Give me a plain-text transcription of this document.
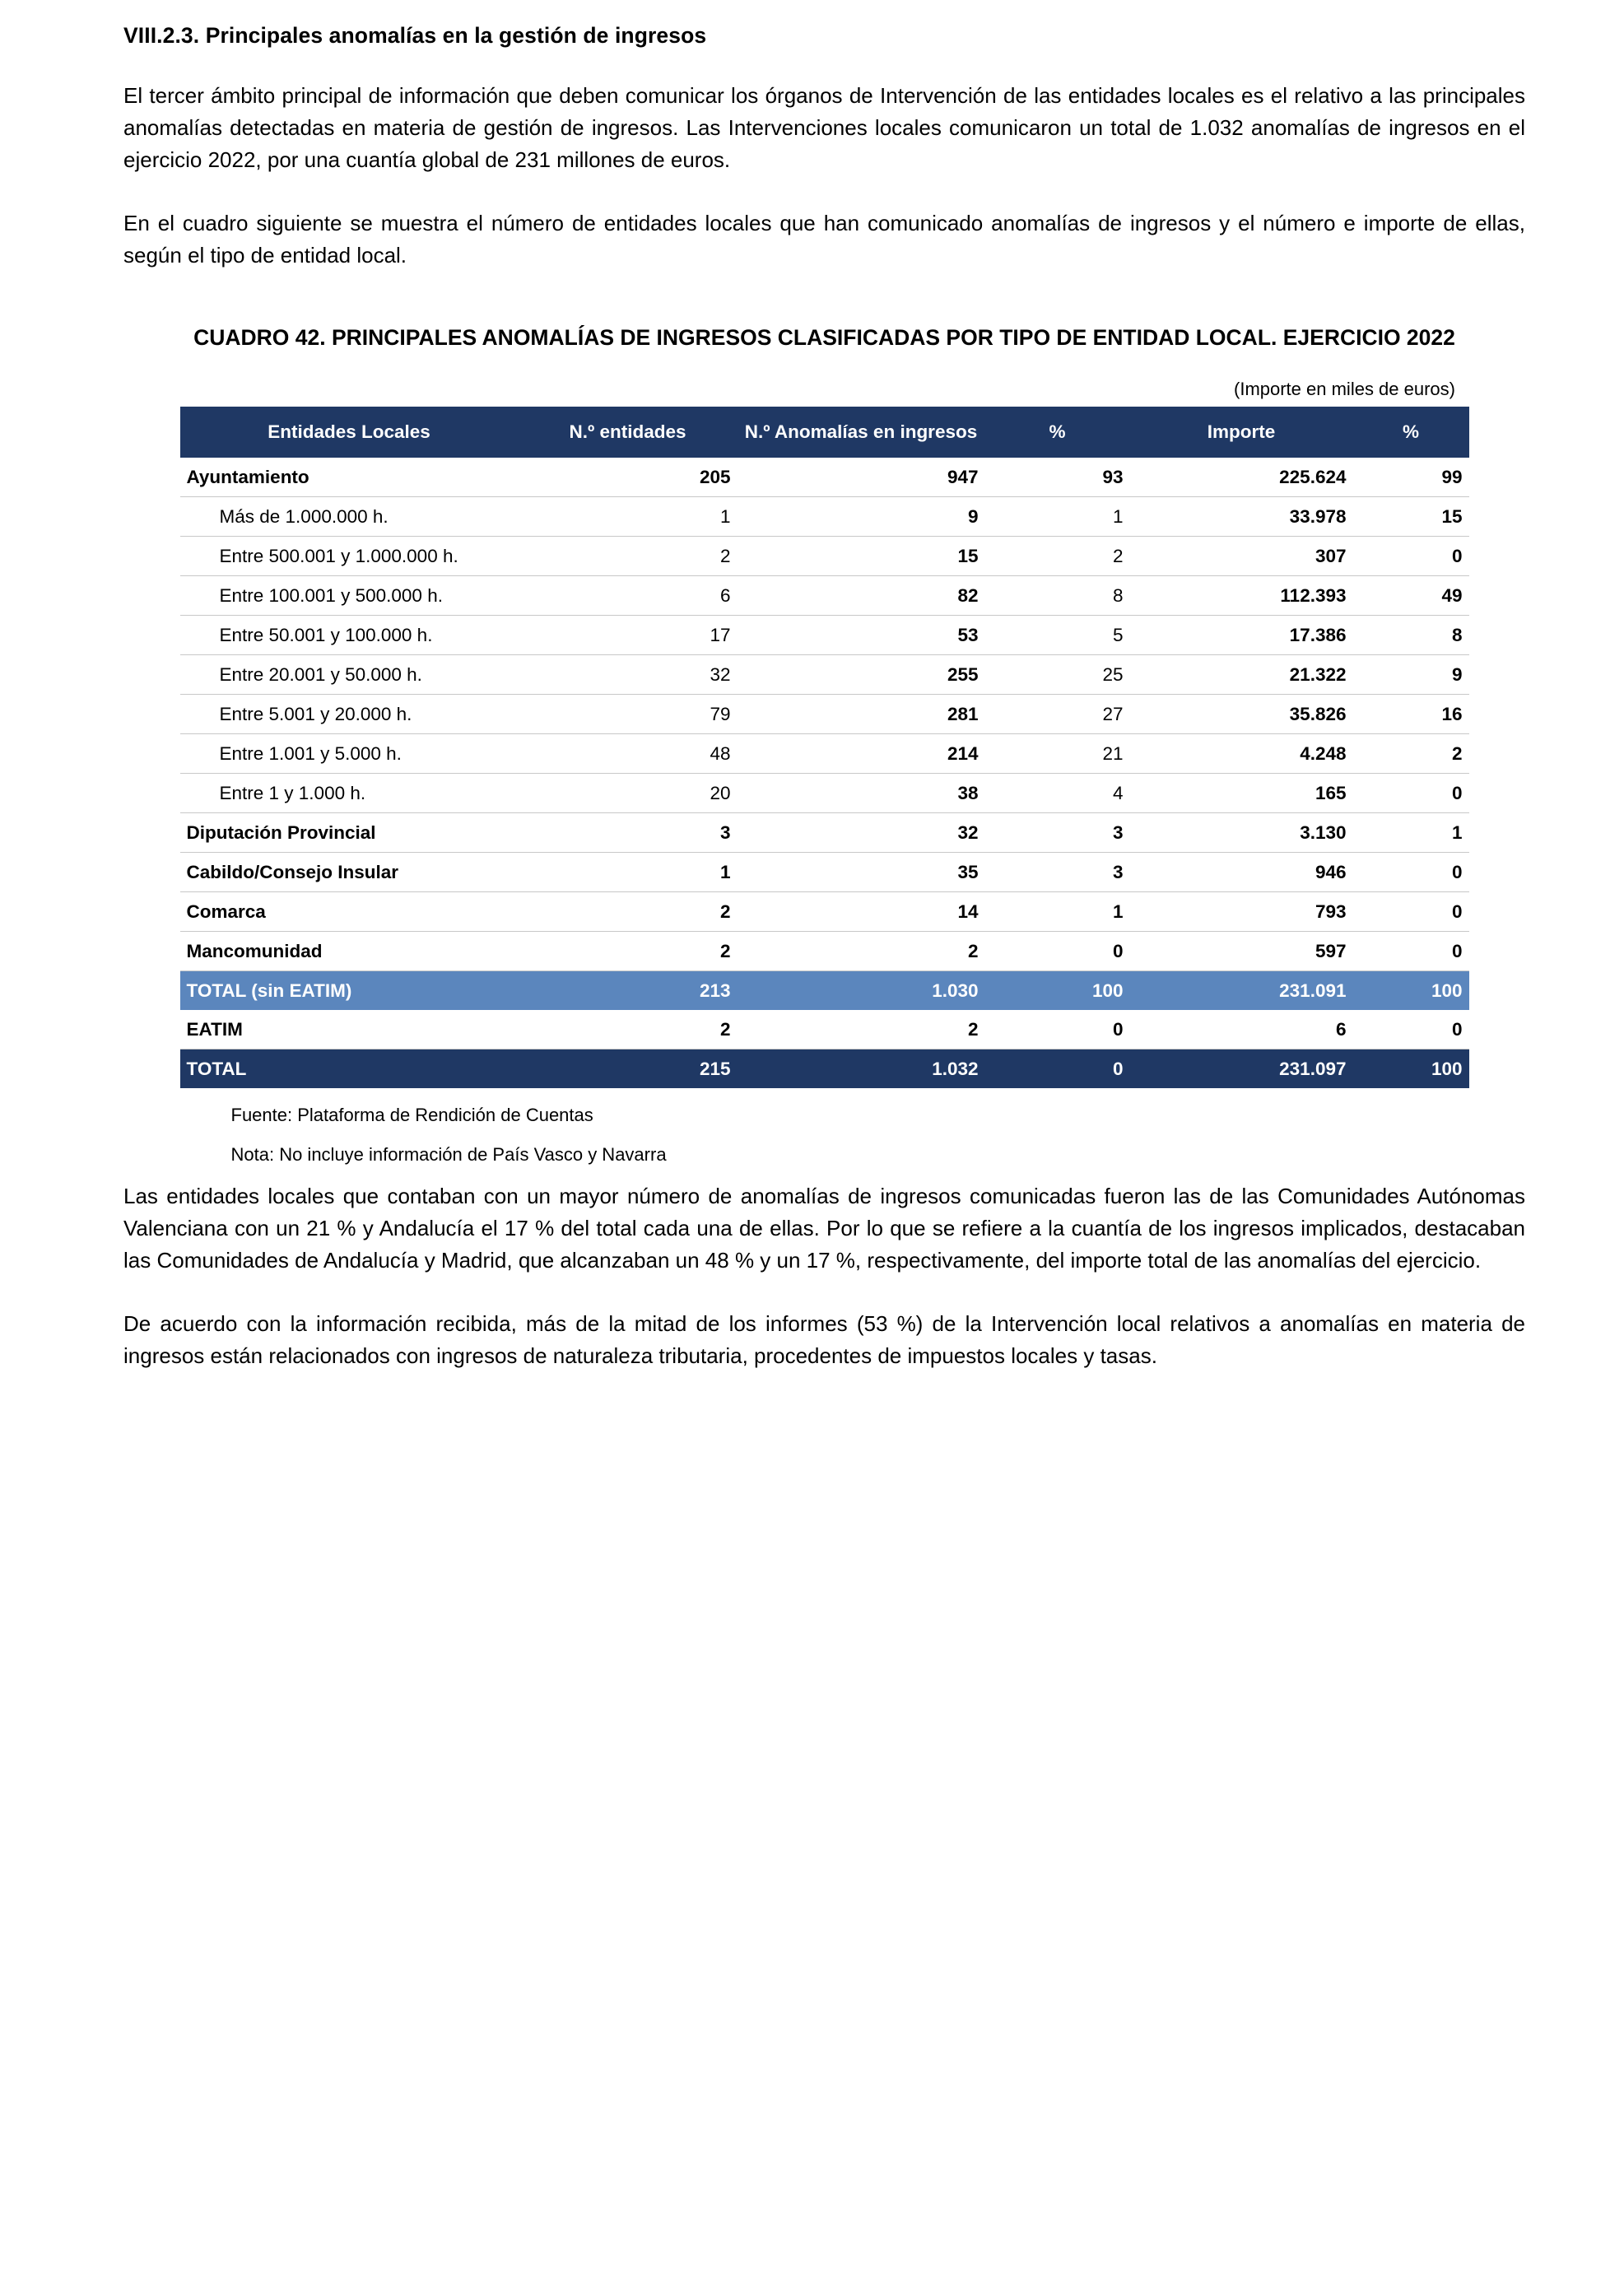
VIII.2.3. Principales anomalías en la gestión de ingresos

El tercer ámbito principal de información que deben comunicar los órganos de Intervención de las entidades locales es el relativo a las principales anomalías detectadas en materia de gestión de ingresos. Las Intervenciones locales comunicaron un total de 1.032 anomalías de ingresos en el ejercicio 2022, por una cuantía global de 231 millones de euros.

En el cuadro siguiente se muestra el número de entidades locales que han comunicado anomalías de ingresos y el número e importe de ellas, según el tipo de entidad local.

CUADRO 42. PRINCIPALES ANOMALÍAS DE INGRESOS CLASIFICADAS POR TIPO DE ENTIDAD LOCAL. EJERCICIO 2022
(Importe en miles de euros)
Entidades Locales	N.º entidades	N.º Anomalías en ingresos	%	Importe	%
Ayuntamiento	205	947	93	225.624	99
Más de 1.000.000 h.	1	9	1	33.978	15
Entre 500.001 y 1.000.000 h.	2	15	2	307	0
Entre 100.001 y 500.000 h.	6	82	8	112.393	49
Entre 50.001 y 100.000 h.	17	53	5	17.386	8
Entre 20.001 y 50.000 h.	32	255	25	21.322	9
Entre 5.001 y 20.000 h.	79	281	27	35.826	16
Entre 1.001 y 5.000 h.	48	214	21	4.248	2
Entre 1 y 1.000 h.	20	38	4	165	0
Diputación Provincial	3	32	3	3.130	1
Cabildo/Consejo Insular	1	35	3	946	0
Comarca	2	14	1	793	0
Mancomunidad	2	2	0	597	0
TOTAL (sin EATIM)	213	1.030	100	231.091	100
EATIM	2	2	0	6	0
TOTAL	215	1.032	0	231.097	100
Fuente: Plataforma de Rendición de Cuentas
Nota: No incluye información de País Vasco y Navarra

Las entidades locales que contaban con un mayor número de anomalías de ingresos comunicadas fueron las de las Comunidades Autónomas Valenciana con un 21 % y Andalucía el 17 % del total cada una de ellas. Por lo que se refiere a la cuantía de los ingresos implicados, destacaban las Comunidades de Andalucía y Madrid, que alcanzaban un 48 % y un 17 %, respectivamente, del importe total de las anomalías del ejercicio.

De acuerdo con la información recibida, más de la mitad de los informes (53 %) de la Intervención local relativos a anomalías en materia de ingresos están relacionados con ingresos de naturaleza tributaria, procedentes de impuestos locales y tasas.
